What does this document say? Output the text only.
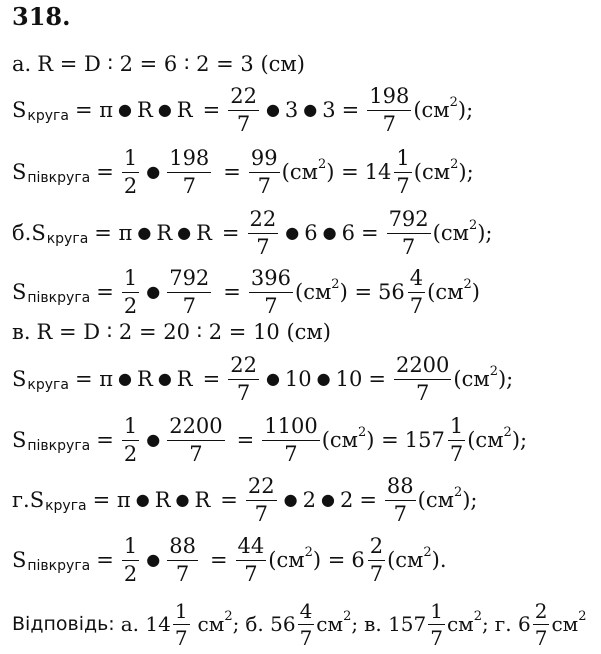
318.
а. R = D ∶ 2 = 6 ∶ 2 = 3 (см)
S круга = π ● R ● $R = \frac{22}{7}$ ● 3 ● $3 = \frac{198}{7} (см$ 2 );
S півкруга = $\frac{1}{2}$ ● $\frac{198}{7} = \frac{99}{7} (см$ 2 ) = $14 \frac{1}{7} (см$ 2 );
б. S круга = π ● R ● $R = \frac{22}{7}$ ● 6 ● $6 = \frac{792}{7} (см$ 2 );
S півкруга = $\frac{1}{2}$ ● $\frac{792}{7} = \frac{396}{7} (см$ 2 ) = $56 \frac{4}{7} (см$ 2 )
в. R = D ∶ 2 = 20 ∶ 2 = 10 (см)
S круга = π ● R ● $R = \frac{22}{7}$ ● 10 ● $10 = \frac{2200}{7} (см$ 2 );
S півкруга = $\frac{1}{2}$ ● $\frac{2200}{7} = \frac{1100}{7} (см$ 2 ) = $157 \frac{1}{7} (см$ 2 );
г. S круга = π ● R ● $R = \frac{22}{7}$ ● 2 ● $2 = \frac{88}{7} (см$ 2 );
S півкруга = $\frac{1}{2}$ ● $\frac{88}{7} = \frac{44}{7} (см$ 2 ) = $6 \frac{2}{7} (см$ 2 ).
Відповідь: а. $14 \frac{1}{7}$ см 2 ; б. $56 \frac{4}{7}$ см 2 ; в. $157 \frac{1}{7}$ см 2 ; г. $6 \frac{2}{7}$ см 2
